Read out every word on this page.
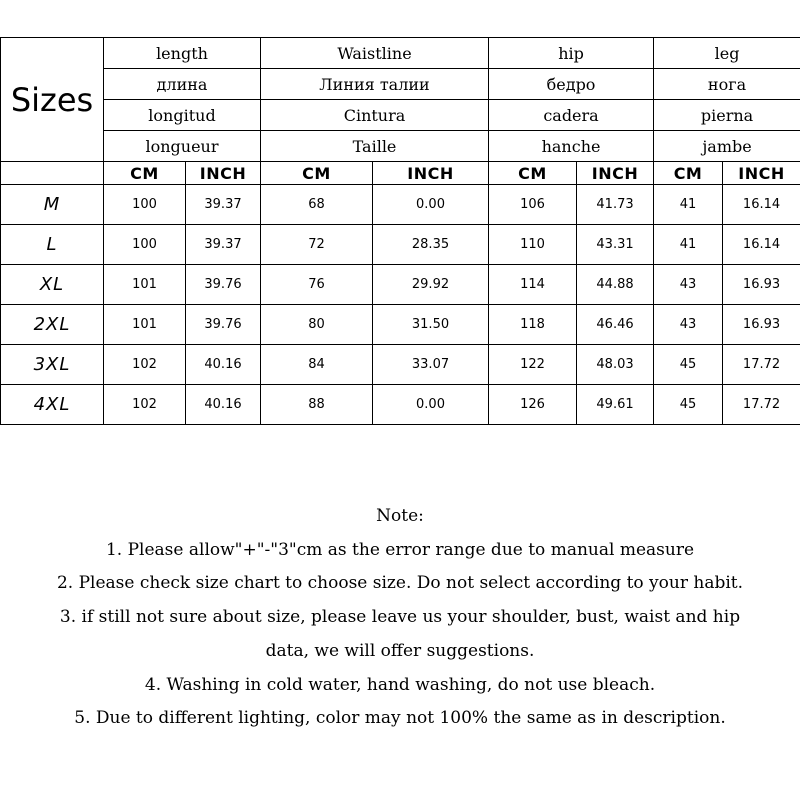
Sizes	length		Waistline		hip		leg	
	длина		Линия талии		бедро		нога	
	longitud		Cintura		cadera		pierna	
	longueur		Taille		hanche		jambe	
	CM	INCH	CM	INCH	CM	INCH	CM	INCH
M	100	39.37	68	0.00	106	41.73	41	16.14
L	100	39.37	72	28.35	110	43.31	41	16.14
XL	101	39.76	76	29.92	114	44.88	43	16.93
2XL	101	39.76	80	31.50	118	46.46	43	16.93
3XL	102	40.16	84	33.07	122	48.03	45	17.72
4XL	102	40.16	88	0.00	126	49.61	45	17.72
Note:
1. Please allow"+"-"3"cm as the error range due to manual measure
2. Please check size chart to choose size. Do not select according to your habit.
3. if still not sure about size, please leave us your shoulder, bust, waist and hip
data, we will offer suggestions.
4. Washing in cold water, hand washing, do not use bleach.
5. Due to different lighting, color may not 100% the same as in description.
